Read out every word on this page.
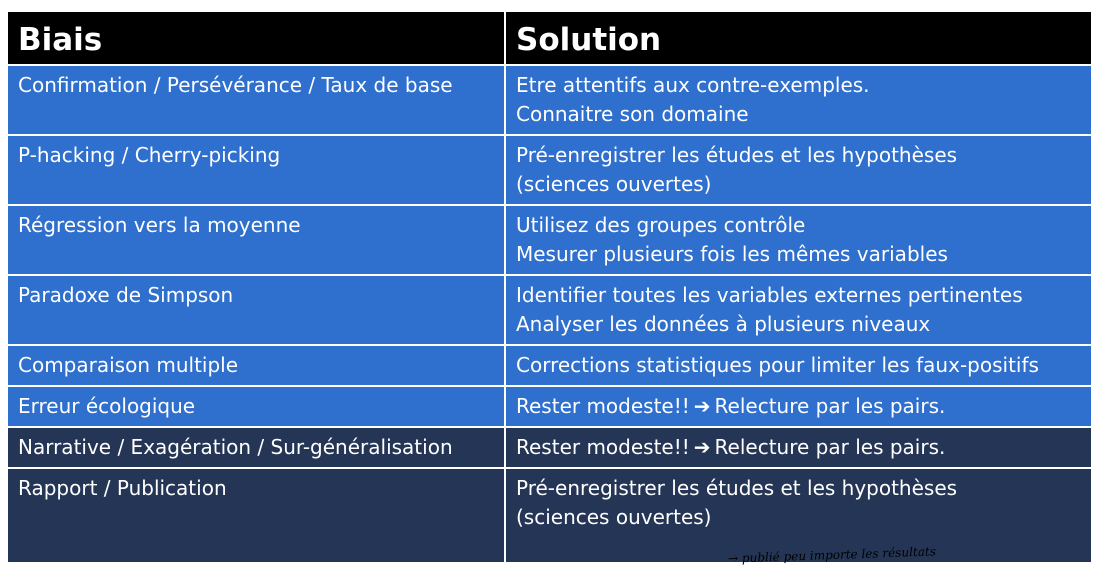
Biais	Solution
Confirmation / Persévérance / Taux de base	Etre attentifs aux contre-exemples.
Connaitre son domaine
P-hacking / Cherry-picking	Pré-enregistrer les études et les hypothèses
(sciences ouvertes)
Régression vers la moyenne	Utilisez des groupes contrôle
Mesurer plusieurs fois les mêmes variables
Paradoxe de Simpson	Identifier toutes les variables externes pertinentes
Analyser les données à plusieurs niveaux
Comparaison multiple	Corrections statistiques pour limiter les faux-positifs
Erreur écologique	Rester modeste!! ➔ Relecture par les pairs.
Narrative / Exagération / Sur-généralisation	Rester modeste!! ➔ Relecture par les pairs.
Rapport / Publication	Pré-enregistrer les études et les hypothèses
(sciences ouvertes)
→ publié peu importe les résultats
